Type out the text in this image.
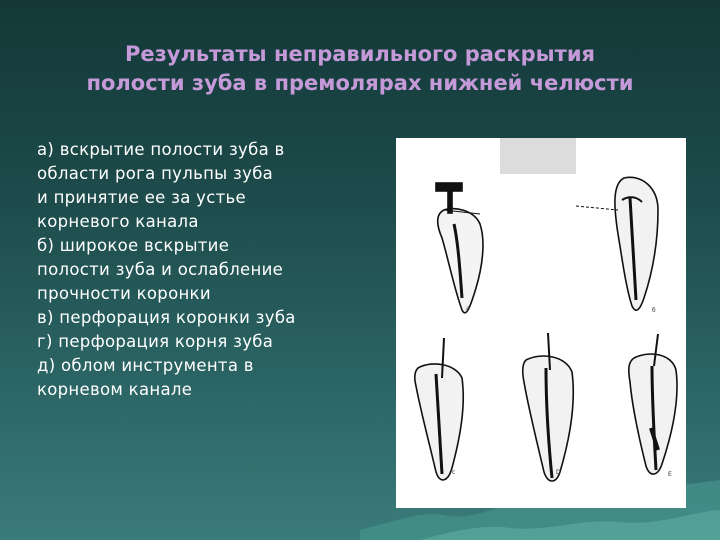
Результаты неправильного раскрытия
полости зуба в премолярах нижней челюсти
а) вскрытие полости зуба в
области рога пульпы зуба
и принятие ее за устье
корневого канала
б) широкое вскрытие
полости зуба и ослабление
прочности коронки
в) перфорация коронки зуба
г) перфорация корня зуба
д) облом инструмента в
корневом канале
a	б
c	D	E
